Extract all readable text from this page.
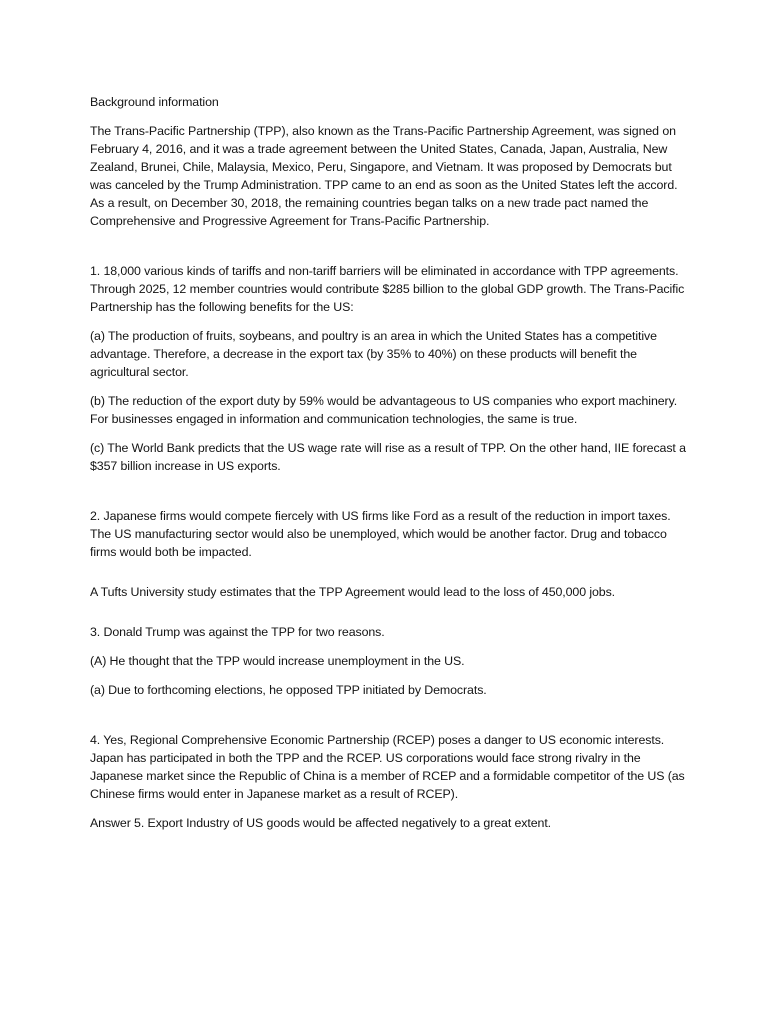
Background information

The Trans-Pacific Partnership (TPP), also known as the Trans-Pacific Partnership Agreement, was signed on February 4, 2016, and it was a trade agreement between the United States, Canada, Japan, Australia, New Zealand, Brunei, Chile, Malaysia, Mexico, Peru, Singapore, and Vietnam. It was proposed by Democrats but was canceled by the Trump Administration. TPP came to an end as soon as the United States left the accord. As a result, on December 30, 2018, the remaining countries began talks on a new trade pact named the Comprehensive and Progressive Agreement for Trans-Pacific Partnership.

1. 18,000 various kinds of tariffs and non-tariff barriers will be eliminated in accordance with TPP agreements. Through 2025, 12 member countries would contribute $285 billion to the global GDP growth. The Trans-Pacific Partnership has the following benefits for the US:

(a) The production of fruits, soybeans, and poultry is an area in which the United States has a competitive advantage. Therefore, a decrease in the export tax (by 35% to 40%) on these products will benefit the agricultural sector.

(b) The reduction of the export duty by 59% would be advantageous to US companies who export machinery. For businesses engaged in information and communication technologies, the same is true.

(c) The World Bank predicts that the US wage rate will rise as a result of TPP. On the other hand, IIE forecast a $357 billion increase in US exports.

2. Japanese firms would compete fiercely with US firms like Ford as a result of the reduction in import taxes. The US manufacturing sector would also be unemployed, which would be another factor. Drug and tobacco firms would both be impacted.

A Tufts University study estimates that the TPP Agreement would lead to the loss of 450,000 jobs.

3. Donald Trump was against the TPP for two reasons.

(A) He thought that the TPP would increase unemployment in the US.

(a) Due to forthcoming elections, he opposed TPP initiated by Democrats.

4. Yes, Regional Comprehensive Economic Partnership (RCEP) poses a danger to US economic interests. Japan has participated in both the TPP and the RCEP. US corporations would face strong rivalry in the Japanese market since the Republic of China is a member of RCEP and a formidable competitor of the US (as Chinese firms would enter in Japanese market as a result of RCEP).

Answer 5. Export Industry of US goods would be affected negatively to a great extent.
